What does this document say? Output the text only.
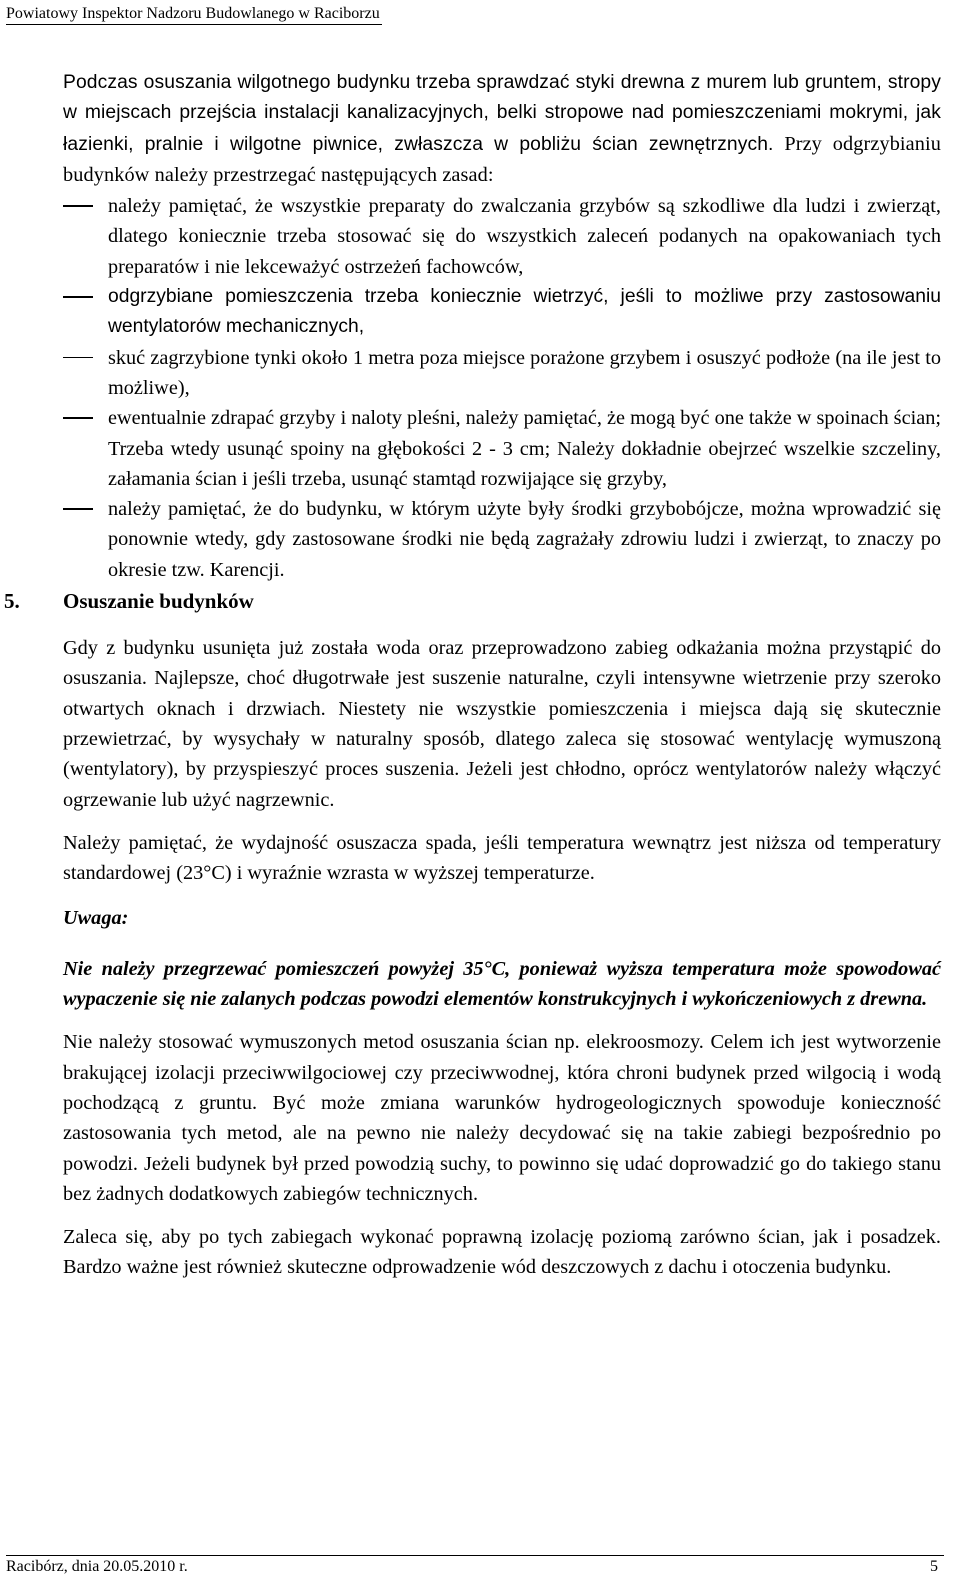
Powiatowy Inspektor Nadzoru Budowlanego w Raciborzu

Podczas osuszania wilgotnego budynku trzeba sprawdzać styki drewna z murem lub gruntem, stropy w miejscach przejścia instalacji kanalizacyjnych, belki stropowe nad pomieszczeniami mokrymi, jak łazienki, pralnie i wilgotne piwnice, zwłaszcza w pobliżu ścian zewnętrznych. Przy odgrzybianiu budynków należy przestrzegać następujących zasad:

należy pamiętać, że wszystkie preparaty do zwalczania grzybów są szkodliwe dla ludzi i zwierząt, dlatego koniecznie trzeba stosować się do wszystkich zaleceń podanych na opakowaniach tych preparatów i nie lekceważyć ostrzeżeń fachowców,
odgrzybiane pomieszczenia trzeba koniecznie wietrzyć, jeśli to możliwe przy zastosowaniu wentylatorów mechanicznych,
skuć zagrzybione tynki około 1 metra poza miejsce porażone grzybem i osuszyć podłoże (na ile jest to możliwe),
ewentualnie zdrapać grzyby i naloty pleśni, należy pamiętać, że mogą być one także w spoinach ścian; Trzeba wtedy usunąć spoiny na głębokości 2 - 3 cm; Należy dokładnie obejrzeć wszelkie szczeliny, załamania ścian i jeśli trzeba, usunąć stamtąd rozwijające się grzyby,
należy pamiętać, że do budynku, w którym użyte były środki grzybobójcze, można wprowadzić się ponownie wtedy, gdy zastosowane środki nie będą zagrażały zdrowiu ludzi i zwierząt, to znaczy po okresie tzw. Karencji.
5. Osuszanie budynków

Gdy z budynku usunięta już została woda oraz przeprowadzono zabieg odkażania można przystąpić do osuszania. Najlepsze, choć długotrwałe jest suszenie naturalne, czyli intensywne wietrzenie przy szeroko otwartych oknach i drzwiach. Niestety nie wszystkie pomieszczenia i miejsca dają się skutecznie przewietrzać, by wysychały w naturalny sposób, dlatego zaleca się stosować wentylację wymuszoną (wentylatory), by przyspieszyć proces suszenia. Jeżeli jest chłodno, oprócz wentylatorów należy włączyć ogrzewanie lub użyć nagrzewnic.

Należy pamiętać, że wydajność osuszacza spada, jeśli temperatura wewnątrz jest niższa od temperatury standardowej (23°C) i wyraźnie wzrasta w wyższej temperaturze.

Uwaga:

Nie należy przegrzewać pomieszczeń powyżej 35°C, ponieważ wyższa temperatura może spowodować wypaczenie się nie zalanych podczas powodzi elementów konstrukcyjnych i wykończeniowych z drewna.

Nie należy stosować wymuszonych metod osuszania ścian np. elekroosmozy. Celem ich jest wytworzenie brakującej izolacji przeciwwilgociowej czy przeciwwodnej, która chroni budynek przed wilgocią i wodą pochodzącą z gruntu. Być może zmiana warunków hydrogeologicznych spowoduje konieczność zastosowania tych metod, ale na pewno nie należy decydować się na takie zabiegi bezpośrednio po powodzi. Jeżeli budynek był przed powodzią suchy, to powinno się udać doprowadzić go do takiego stanu bez żadnych dodatkowych zabiegów technicznych.

Zaleca się, aby po tych zabiegach wykonać poprawną izolację poziomą zarówno ścian, jak i posadzek. Bardzo ważne jest również skuteczne odprowadzenie wód deszczowych z dachu i otoczenia budynku.

Racibórz, dnia 20.05.2010 r.	5
